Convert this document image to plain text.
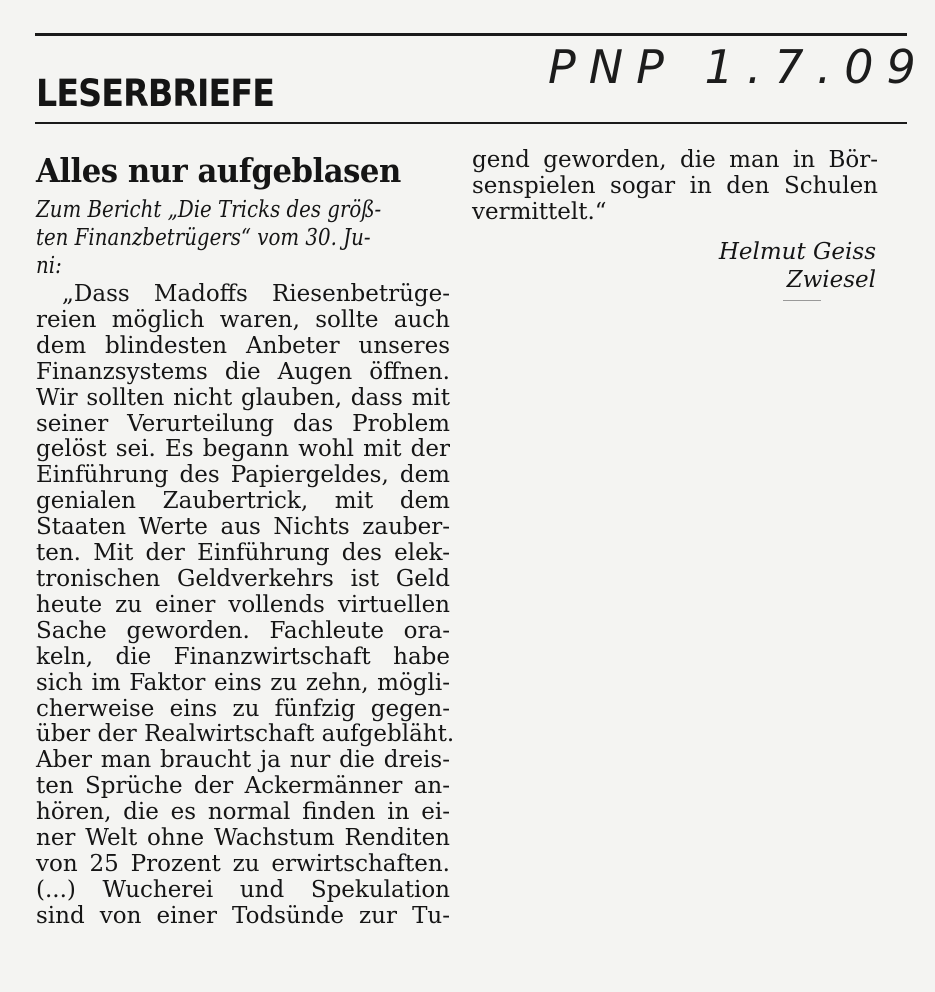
LESERBRIEFE	PNP 1.7.09
Alles nur aufgeblasen

Zum Bericht „Die Tricks des größ-
ten Finanzbetrügers“ vom 30. Ju-
ni:

„Dass Madoffs Riesenbetrüge-
reien möglich waren, sollte auch
dem blindesten Anbeter unseres
Finanzsystems die Augen öffnen.
Wir sollten nicht glauben, dass mit
seiner Verurteilung das Problem
gelöst sei. Es begann wohl mit der
Einführung des Papiergeldes, dem
genialen Zaubertrick, mit dem
Staaten Werte aus Nichts zauber-
ten. Mit der Einführung des elek-
tronischen Geldverkehrs ist Geld
heute zu einer vollends virtuellen
Sache geworden. Fachleute ora-
keln, die Finanzwirtschaft habe
sich im Faktor eins zu zehn, mögli-
cherweise eins zu fünfzig gegen-
über der Realwirtschaft aufgebläht.
Aber man braucht ja nur die dreis-
ten Sprüche der Ackermänner an-
hören, die es normal finden in ei-
ner Welt ohne Wachstum Renditen
von 25 Prozent zu erwirtschaften.
(...) Wucherei und Spekulation
sind von einer Todsünde zur Tu-
gend geworden, die man in Bör-
senspielen sogar in den Schulen
vermittelt.“
Helmut Geiss
Zwiesel
